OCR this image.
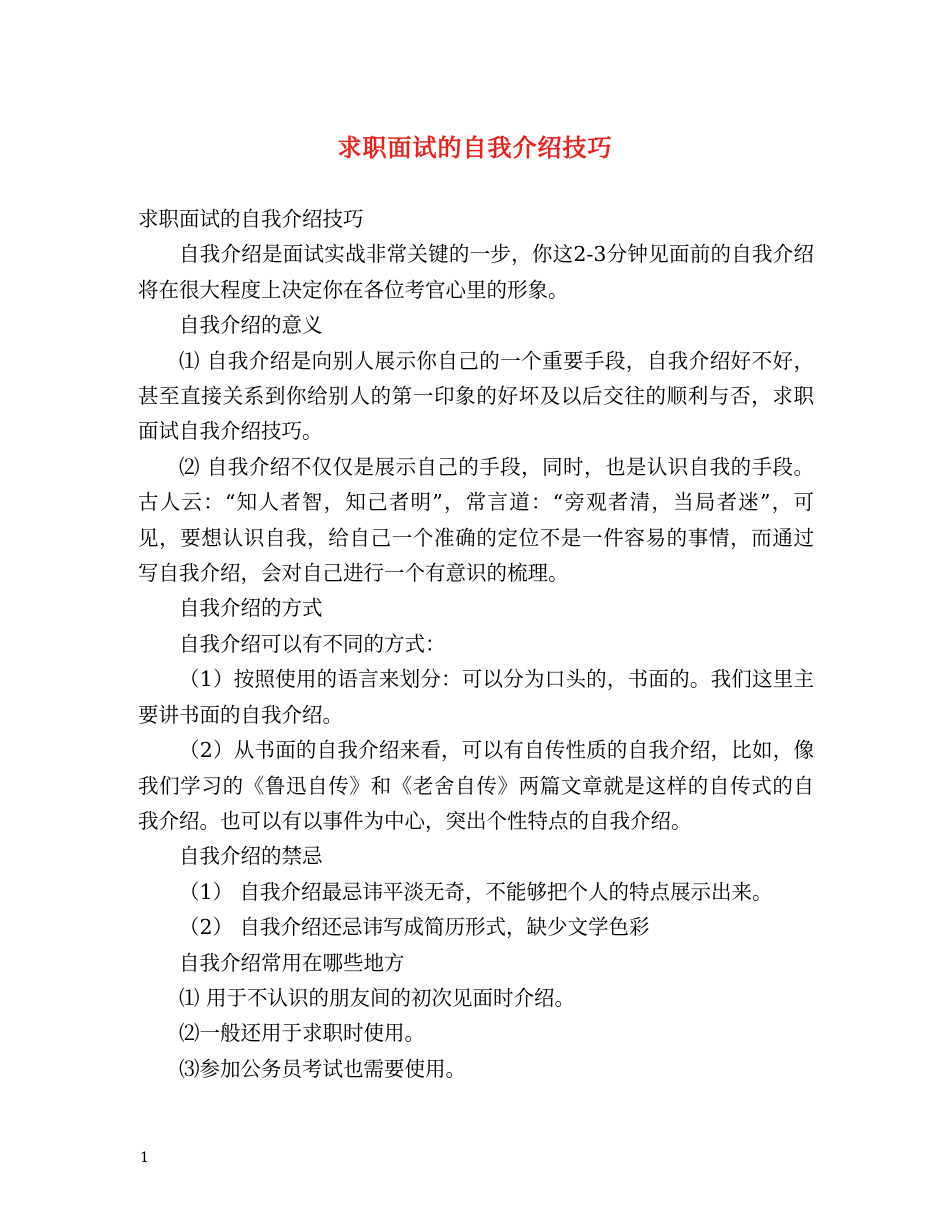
求职面试的自我介绍技巧

求职面试的自我介绍技巧

自我介绍是面试实战非常关键的一步，你这2-3分钟见面前的自我介绍将在很大程度上决定你在各位考官心里的形象。

自我介绍的意义

⑴ 自我介绍是向别人展示你自己的一个重要手段，自我介绍好不好，甚至直接关系到你给别人的第一印象的好坏及以后交往的顺利与否，求职面试自我介绍技巧。

⑵ 自我介绍不仅仅是展示自己的手段，同时，也是认识自我的手段。古人云：“知人者智，知己者明”，常言道：“旁观者清，当局者迷”，可见，要想认识自我，给自己一个准确的定位不是一件容易的事情，而通过写自我介绍，会对自己进行一个有意识的梳理。

自我介绍的方式

自我介绍可以有不同的方式：

（1）按照使用的语言来划分：可以分为口头的，书面的。我们这里主要讲书面的自我介绍。

（2）从书面的自我介绍来看，可以有自传性质的自我介绍，比如，像我们学习的《鲁迅自传》和《老舍自传》两篇文章就是这样的自传式的自我介绍。也可以有以事件为中心，突出个性特点的自我介绍。

自我介绍的禁忌

（1） 自我介绍最忌讳平淡无奇，不能够把个人的特点展示出来。

（2） 自我介绍还忌讳写成简历形式，缺少文学色彩

自我介绍常用在哪些地方

⑴ 用于不认识的朋友间的初次见面时介绍。

⑵一般还用于求职时使用。

⑶参加公务员考试也需要使用。

1
